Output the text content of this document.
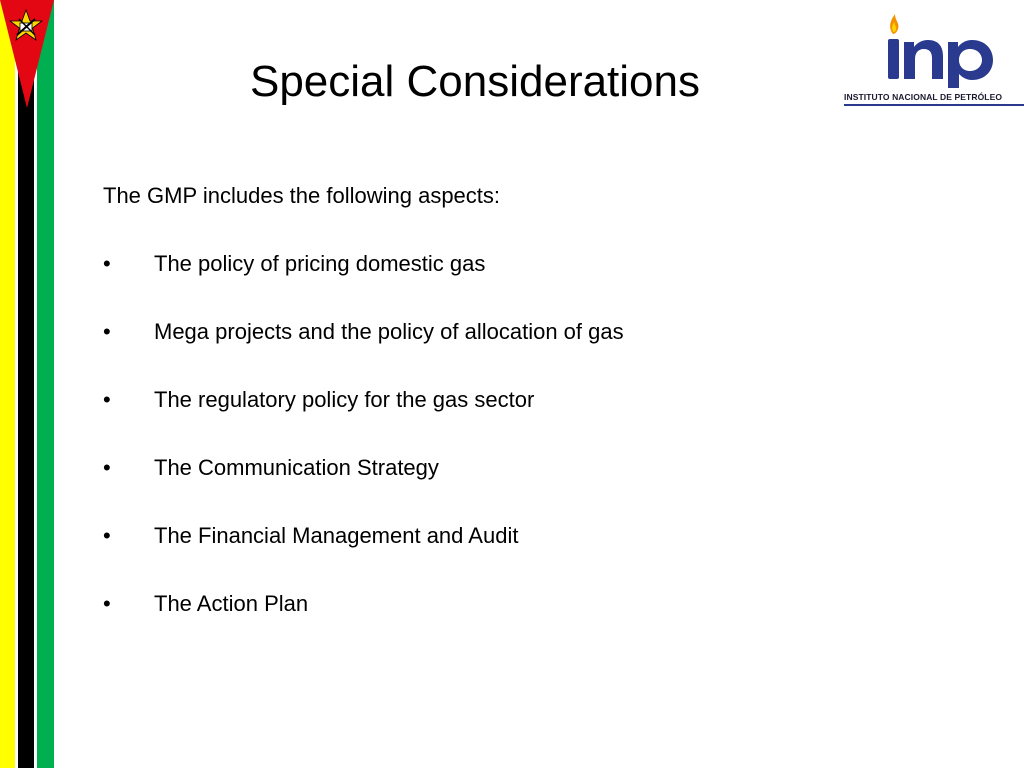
Special Considerations	INSTITUTO NACIONAL DE PETRÓLEO

The GMP includes the following aspects:

•	The policy of pricing domestic gas
•	Mega projects and the policy of allocation of gas
•	The regulatory policy for the gas sector
•	The Communication Strategy
•	The Financial Management and Audit
•	The Action Plan
